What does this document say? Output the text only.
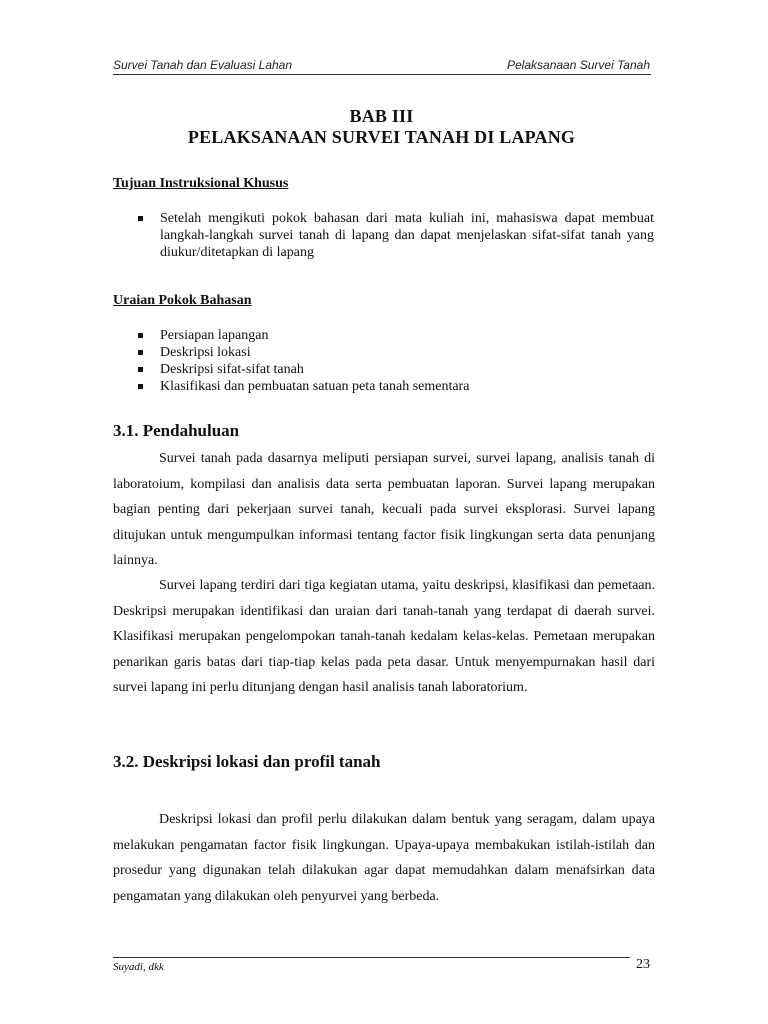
Survei Tanah dan Evaluasi Lahan	Pelaksanaan Survei Tanah
BAB III
PELAKSANAAN SURVEI TANAH DI LAPANG
Tujuan Instruksional Khusus
Setelah mengikuti pokok bahasan dari mata kuliah ini, mahasiswa dapat membuat langkah-langkah survei tanah di lapang dan dapat menjelaskan sifat-sifat tanah yang diukur/ditetapkan di lapang
Uraian Pokok Bahasan
Persiapan lapangan
Deskripsi lokasi
Deskripsi sifat-sifat tanah
Klasifikasi dan pembuatan satuan peta tanah sementara
3.1. Pendahuluan

Survei tanah pada dasarnya meliputi persiapan survei, survei lapang, analisis tanah di laboratoium, kompilasi dan analisis data serta pembuatan laporan. Survei lapang merupakan bagian penting dari pekerjaan survei tanah, kecuali pada survei eksplorasi. Survei lapang ditujukan untuk mengumpulkan informasi tentang factor fisik lingkungan serta data penunjang lainnya.

Survei lapang terdiri dari tiga kegiatan utama, yaitu deskripsi, klasifikasi dan pemetaan. Deskripsi merupakan identifikasi dan uraian dari tanah-tanah yang terdapat di daerah survei. Klasifikasi merupakan pengelompokan tanah-tanah kedalam kelas-kelas. Pemetaan merupakan penarikan garis batas dari tiap-tiap kelas pada peta dasar. Untuk menyempurnakan hasil dari survei lapang ini perlu ditunjang dengan hasil analisis tanah laboratorium.

3.2. Deskripsi lokasi dan profil tanah

Deskripsi lokasi dan profil perlu dilakukan dalam bentuk yang seragam, dalam upaya melakukan pengamatan factor fisik lingkungan. Upaya-upaya membakukan istilah-istilah dan prosedur yang digunakan telah dilakukan agar dapat memudahkan dalam menafsirkan data pengamatan yang dilakukan oleh penyurvei yang berbeda.

Suyadi, dkk	23
